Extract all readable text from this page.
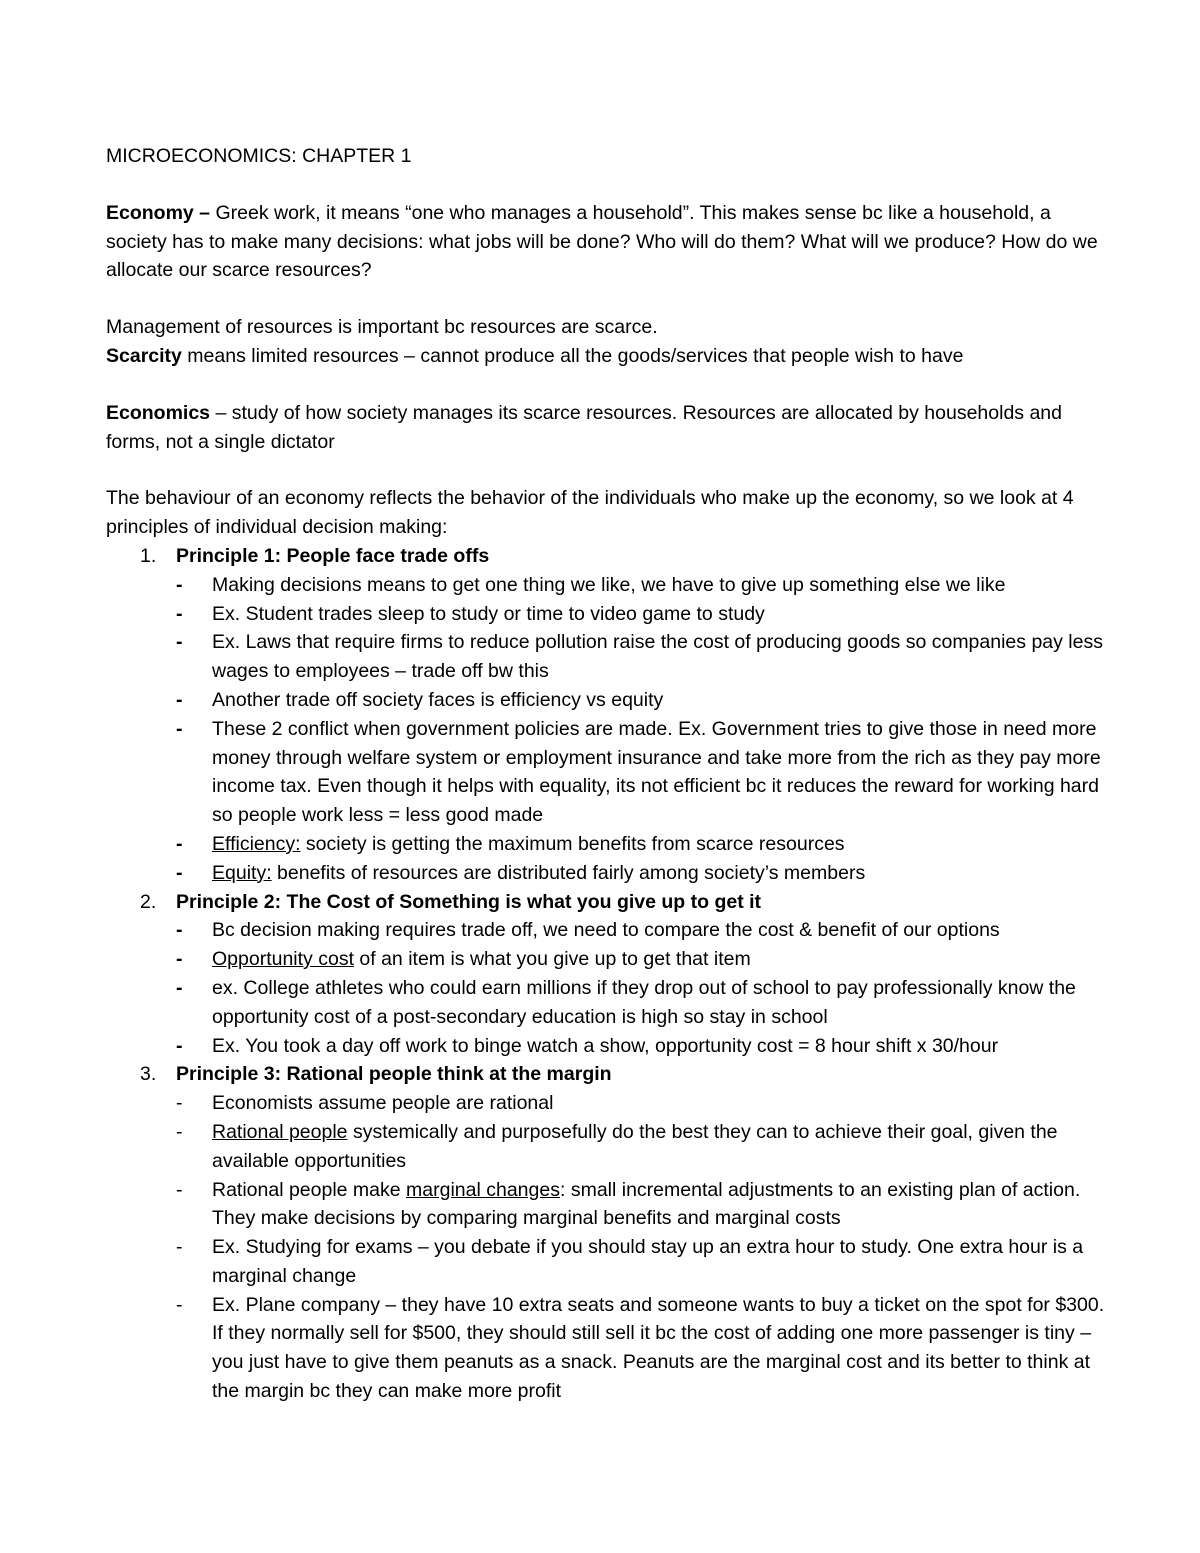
MICROECONOMICS: CHAPTER 1

Economy – Greek work, it means “one who manages a household”. This makes sense bc like a household, a society has to make many decisions: what jobs will be done? Who will do them? What will we produce? How do we allocate our scarce resources?

Management of resources is important bc resources are scarce.

Scarcity means limited resources – cannot produce all the goods/services that people wish to have

Economics – study of how society manages its scarce resources. Resources are allocated by households and forms, not a single dictator

The behaviour of an economy reflects the behavior of the individuals who make up the economy, so we look at 4 principles of individual decision making:

1. Principle 1: People face trade offs
- Making decisions means to get one thing we like, we have to give up something else we like
- Ex. Student trades sleep to study or time to video game to study
- Ex. Laws that require firms to reduce pollution raise the cost of producing goods so companies pay less wages to employees – trade off bw this
- Another trade off society faces is efficiency vs equity
- These 2 conflict when government policies are made. Ex. Government tries to give those in need more money through welfare system or employment insurance and take more from the rich as they pay more income tax. Even though it helps with equality, its not efficient bc it reduces the reward for working hard so people work less = less good made
- Efficiency: society is getting the maximum benefits from scarce resources
- Equity: benefits of resources are distributed fairly among society’s members
2. Principle 2: The Cost of Something is what you give up to get it
- Bc decision making requires trade off, we need to compare the cost & benefit of our options
- Opportunity cost of an item is what you give up to get that item
- ex. College athletes who could earn millions if they drop out of school to pay professionally know the opportunity cost of a post-secondary education is high so stay in school
- Ex. You took a day off work to binge watch a show, opportunity cost = 8 hour shift x 30/hour
3. Principle 3: Rational people think at the margin
- Economists assume people are rational
- Rational people systemically and purposefully do the best they can to achieve their goal, given the available opportunities
- Rational people make marginal changes: small incremental adjustments to an existing plan of action. They make decisions by comparing marginal benefits and marginal costs
- Ex. Studying for exams – you debate if you should stay up an extra hour to study. One extra hour is a marginal change
- Ex. Plane company – they have 10 extra seats and someone wants to buy a ticket on the spot for $300. If they normally sell for $500, they should still sell it bc the cost of adding one more passenger is tiny – you just have to give them peanuts as a snack. Peanuts are the marginal cost and its better to think at the margin bc they can make more profit
